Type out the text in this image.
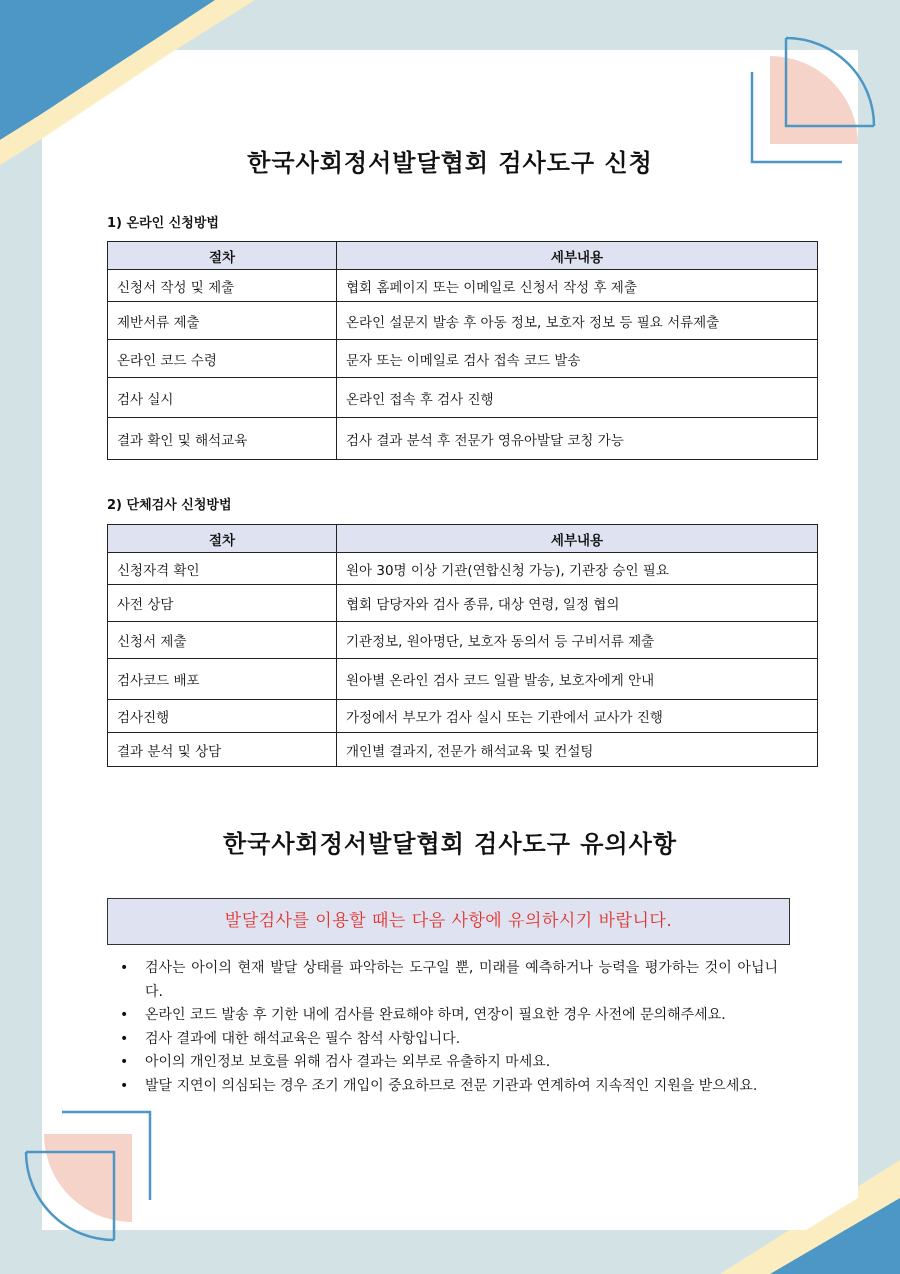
한국사회정서발달협회 검사도구 신청
1) 온라인 신청방법
절차	세부내용
신청서 작성 및 제출	협회 홈페이지 또는 이메일로 신청서 작성 후 제출
제반서류 제출	온라인 설문지 발송 후 아동 정보, 보호자 정보 등 필요 서류제출
온라인 코드 수령	문자 또는 이메일로 검사 접속 코드 발송
검사 실시	온라인 접속 후 검사 진행
결과 확인 및 해석교육	검사 결과 분석 후 전문가 영유아발달 코칭 가능
2) 단체검사 신청방법
절차	세부내용
신청자격 확인	원아 30명 이상 기관(연합신청 가능), 기관장 승인 필요
사전 상담	협회 담당자와 검사 종류, 대상 연령, 일정 협의
신청서 제출	기관정보, 원아명단, 보호자 동의서 등 구비서류 제출
검사코드 배포	원아별 온라인 검사 코드 일괄 발송, 보호자에게 안내
검사진행	가정에서 부모가 검사 실시 또는 기관에서 교사가 진행
결과 분석 및 상담	개인별 결과지, 전문가 해석교육 및 컨설팅
한국사회정서발달협회 검사도구 유의사항
발달검사를 이용할 때는 다음 사항에 유의하시기 바랍니다.
• 검사는 아이의 현재 발달 상태를 파악하는 도구일 뿐, 미래를 예측하거나 능력을 평가하는 것이 아닙니다.
• 온라인 코드 발송 후 기한 내에 검사를 완료해야 하며, 연장이 필요한 경우 사전에 문의해주세요.
• 검사 결과에 대한 해석교육은 필수 참석 사항입니다.
• 아이의 개인정보 보호를 위해 검사 결과는 외부로 유출하지 마세요.
• 발달 지연이 의심되는 경우 조기 개입이 중요하므로 전문 기관과 연계하여 지속적인 지원을 받으세요.
